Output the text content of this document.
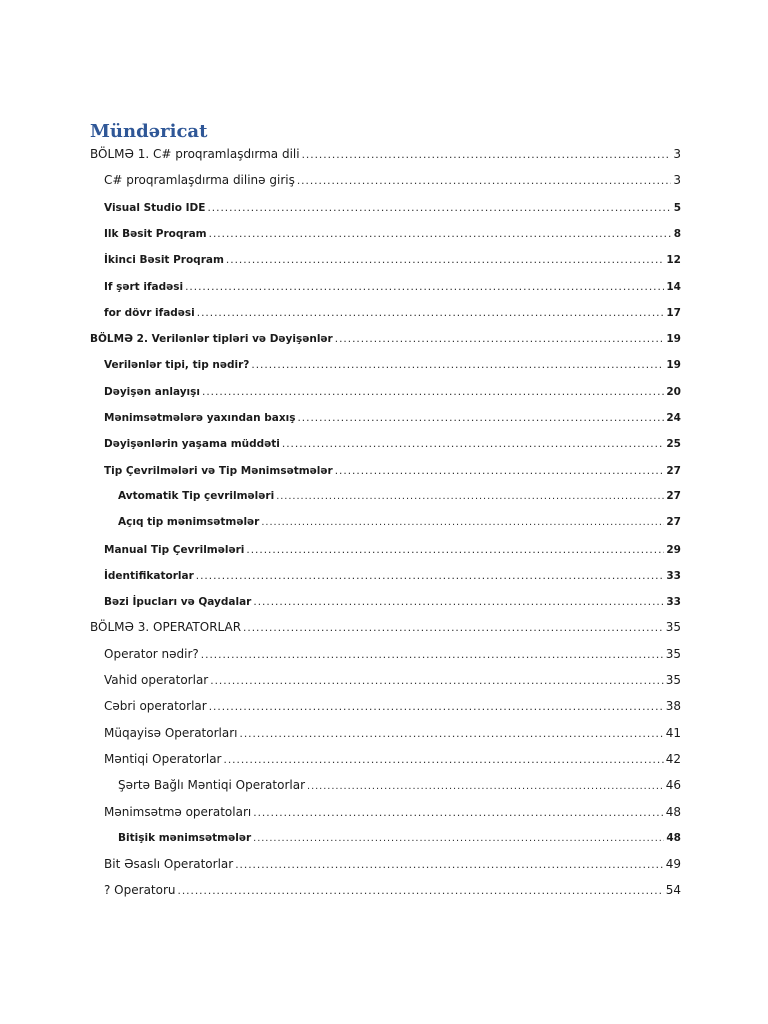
Mündəricat
BÖLMƏ 1. C# proqramlaşdırma dili .....	3
C# proqramlaşdırma dilinə giriş .....	3
Visual Studio IDE .....	5
Ilk Bəsit Proqram .....	8
İkinci Bəsit Proqram .....	12
If şərt ifadəsi .....	14
for dövr ifadəsi .....	17
BÖLMƏ 2. Verilənlər tipləri və Dəyişənlər .....	19
Verilənlər tipi, tip nədir? .....	19
Dəyişən anlayışı .....	20
Mənimsətmələrə yaxından baxış .....	24
Dəyişənlərin yaşama müddəti .....	25
Tip Çevrilmələri və Tip Mənimsətmələr .....	27
Avtomatik Tip çevrilmələri .....	27
Açıq tip mənimsətmələr .....	27
Manual Tip Çevrilmələri .....	29
İdentifikatorlar .....	33
Bəzi İpucları və Qaydalar .....	33
BÖLMƏ 3. OPERATORLAR .....	35
Operator nədir? .....	35
Vahid operatorlar .....	35
Cəbri operatorlar .....	38
Müqayisə Operatorları .....	41
Məntiqi Operatorlar .....	42
Şərtə Bağlı Məntiqi Operatorlar .....	46
Mənimsətmə operatoları .....	48
Bitişik mənimsətmələr .....	48
Bit Əsaslı Operatorlar .....	49
? Operatoru .....	54
